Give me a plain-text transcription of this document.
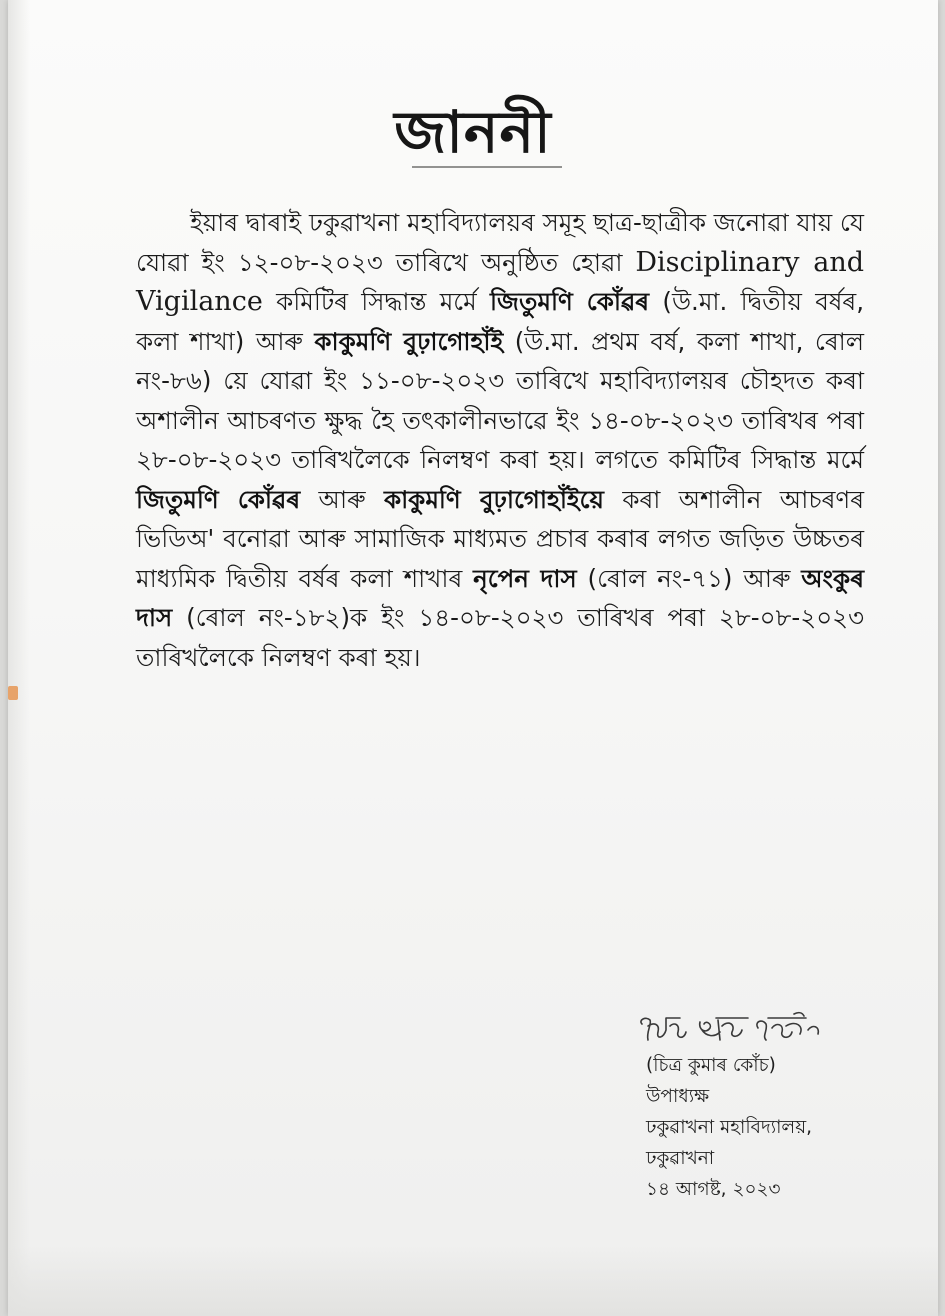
জাননী

ইয়াৰ দ্বাৰাই ঢকুৱাখনা মহাবিদ্যালয়ৰ সমূহ ছাত্ৰ-ছাত্ৰীক জনোৱা যায় যে যোৱা ইং ১২-০৮-২০২৩ তাৰিখে অনুষ্ঠিত হোৱা Disciplinary and Vigilance কমিটিৰ সিদ্ধান্ত মৰ্মে জিতুমণি কোঁৱৰ (উ.মা. দ্বিতীয় বৰ্ষৰ, কলা শাখা) আৰু কাকুমণি বুঢ়াগোহাঁই (উ.মা. প্ৰথম বৰ্ষ, কলা শাখা, ৰোল নং-৮৬) য়ে যোৱা ইং ১১-০৮-২০২৩ তাৰিখে মহাবিদ্যালয়ৰ চৌহদত কৰা অশালীন আচৰণত ক্ষুদ্ধ হৈ তৎকালীনভাৱে ইং ১৪-০৮-২০২৩ তাৰিখৰ পৰা ২৮-০৮-২০২৩ তাৰিখলৈকে নিলম্বণ কৰা হয়। লগতে কমিটিৰ সিদ্ধান্ত মৰ্মে জিতুমণি কোঁৱৰ আৰু কাকুমণি বুঢ়াগোহাঁইয়ে কৰা অশালীন আচৰণৰ ভিডিঅ' বনোৱা আৰু সামাজিক মাধ্যমত প্ৰচাৰ কৰাৰ লগত জড়িত উচ্চতৰ মাধ্যমিক দ্বিতীয় বৰ্ষৰ কলা শাখাৰ নৃপেন দাস (ৰোল নং-৭১) আৰু অংকুৰ দাস (ৰোল নং-১৮২)ক ইং ১৪-০৮-২০২৩ তাৰিখৰ পৰা ২৮-০৮-২০২৩ তাৰিখলৈকে নিলম্বণ কৰা হয়।

(চিত্ৰ কুমাৰ কোঁচ)
উপাধ্যক্ষ
ঢকুৱাখনা মহাবিদ্যালয়,
ঢকুৱাখনা
১৪ আগষ্ট, ২০২৩
